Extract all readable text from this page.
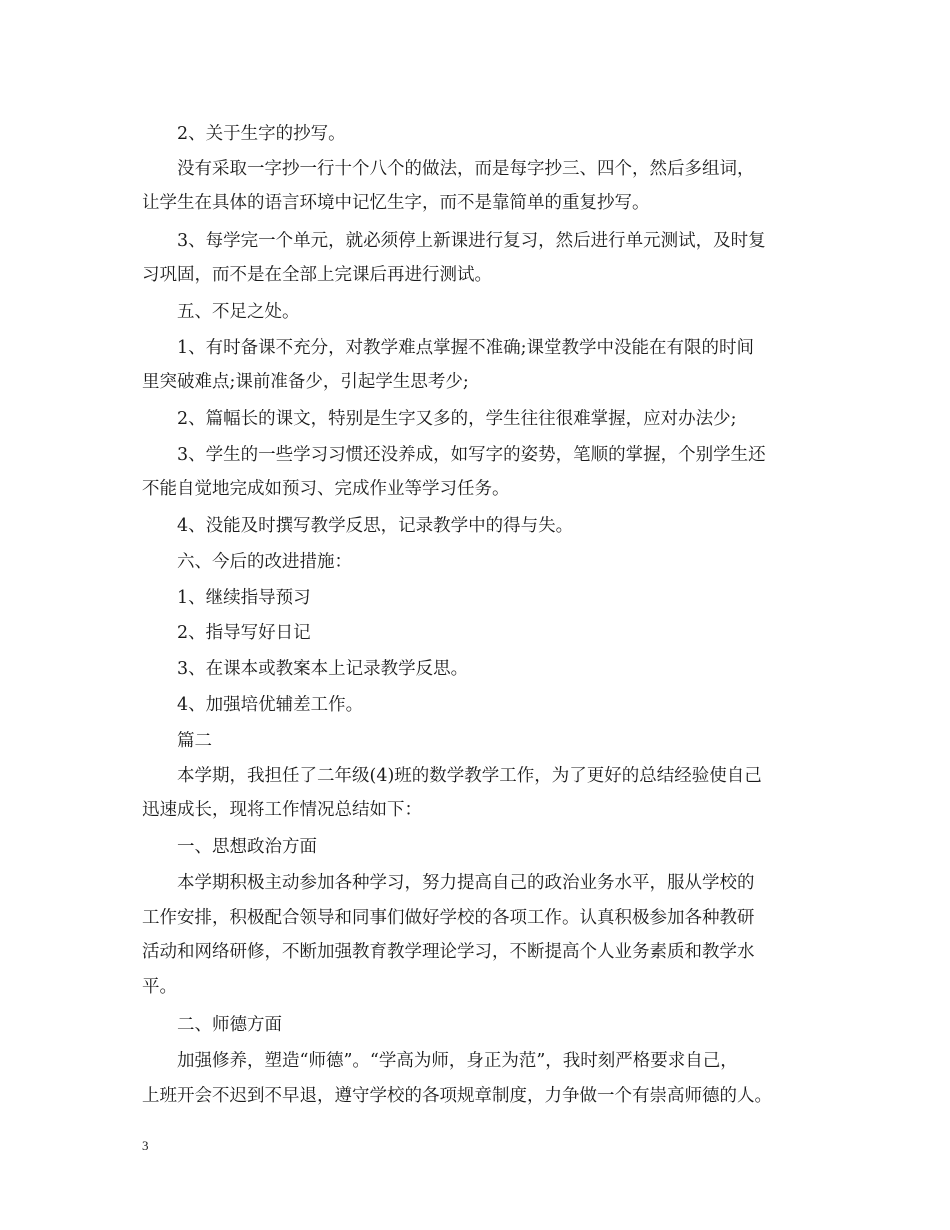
2、关于生字的抄写。
没有采取一字抄一行十个八个的做法，而是每字抄三、四个，然后多组词，
让学生在具体的语言环境中记忆生字，而不是靠简单的重复抄写。
3、每学完一个单元，就必须停上新课进行复习，然后进行单元测试，及时复
习巩固，而不是在全部上完课后再进行测试。
五、不足之处。
1、有时备课不充分，对教学难点掌握不准确;课堂教学中没能在有限的时间
里突破难点;课前准备少，引起学生思考少;
2、篇幅长的课文，特别是生字又多的，学生往往很难掌握，应对办法少;
3、学生的一些学习习惯还没养成，如写字的姿势，笔顺的掌握，个别学生还
不能自觉地完成如预习、完成作业等学习任务。
4、没能及时撰写教学反思，记录教学中的得与失。
六、今后的改进措施：
1、继续指导预习
2、指导写好日记
3、在课本或教案本上记录教学反思。
4、加强培优辅差工作。
篇二
本学期，我担任了二年级(4)班的数学教学工作，为了更好的总结经验使自己
迅速成长，现将工作情况总结如下：
一、思想政治方面
本学期积极主动参加各种学习，努力提高自己的政治业务水平，服从学校的
工作安排，积极配合领导和同事们做好学校的各项工作。认真积极参加各种教研
活动和网络研修，不断加强教育教学理论学习，不断提高个人业务素质和教学水
平。
二、师德方面
加强修养，塑造“师德”。“学高为师，身正为范”，我时刻严格要求自己，
上班开会不迟到不早退，遵守学校的各项规章制度，力争做一个有崇高师德的人。
3
